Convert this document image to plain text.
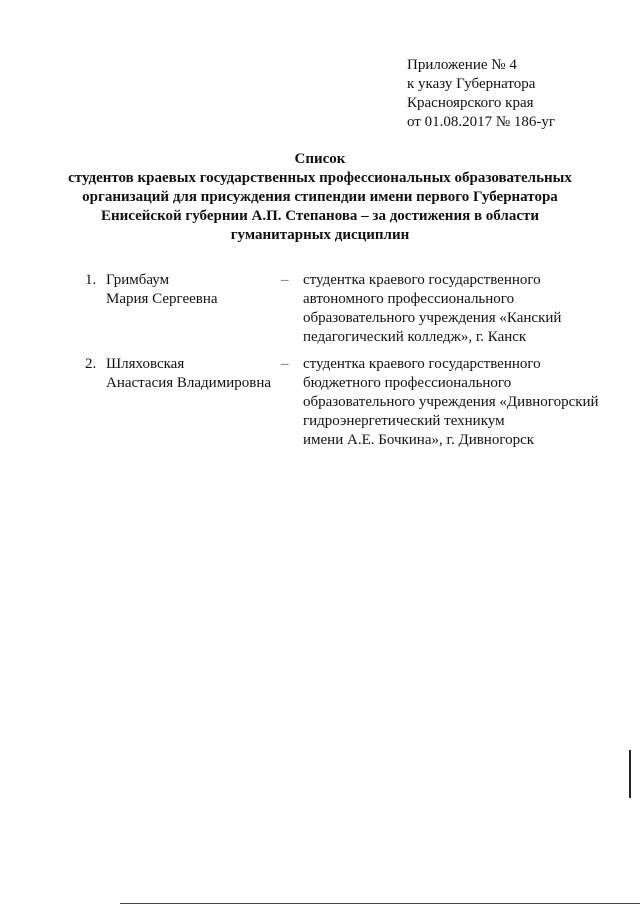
Приложение № 4
к указу Губернатора
Красноярского края
от 01.08.2017 № 186-уг
Список
студентов краевых государственных профессиональных образовательных
организаций для присуждения стипендии имени первого Губернатора
Енисейской губернии А.П. Степанова – за достижения в области
гуманитарных дисциплин
1. Гримбаум
Мария Сергеевна
– студентка краевого государственного
автономного профессионального
образовательного учреждения «Канский
педагогический колледж», г. Канск
2. Шляховская
Анастасия Владимировна
– студентка краевого государственного
бюджетного профессионального
образовательного учреждения «Дивногорский
гидроэнергетический техникум
имени А.Е. Бочкина», г. Дивногорск
